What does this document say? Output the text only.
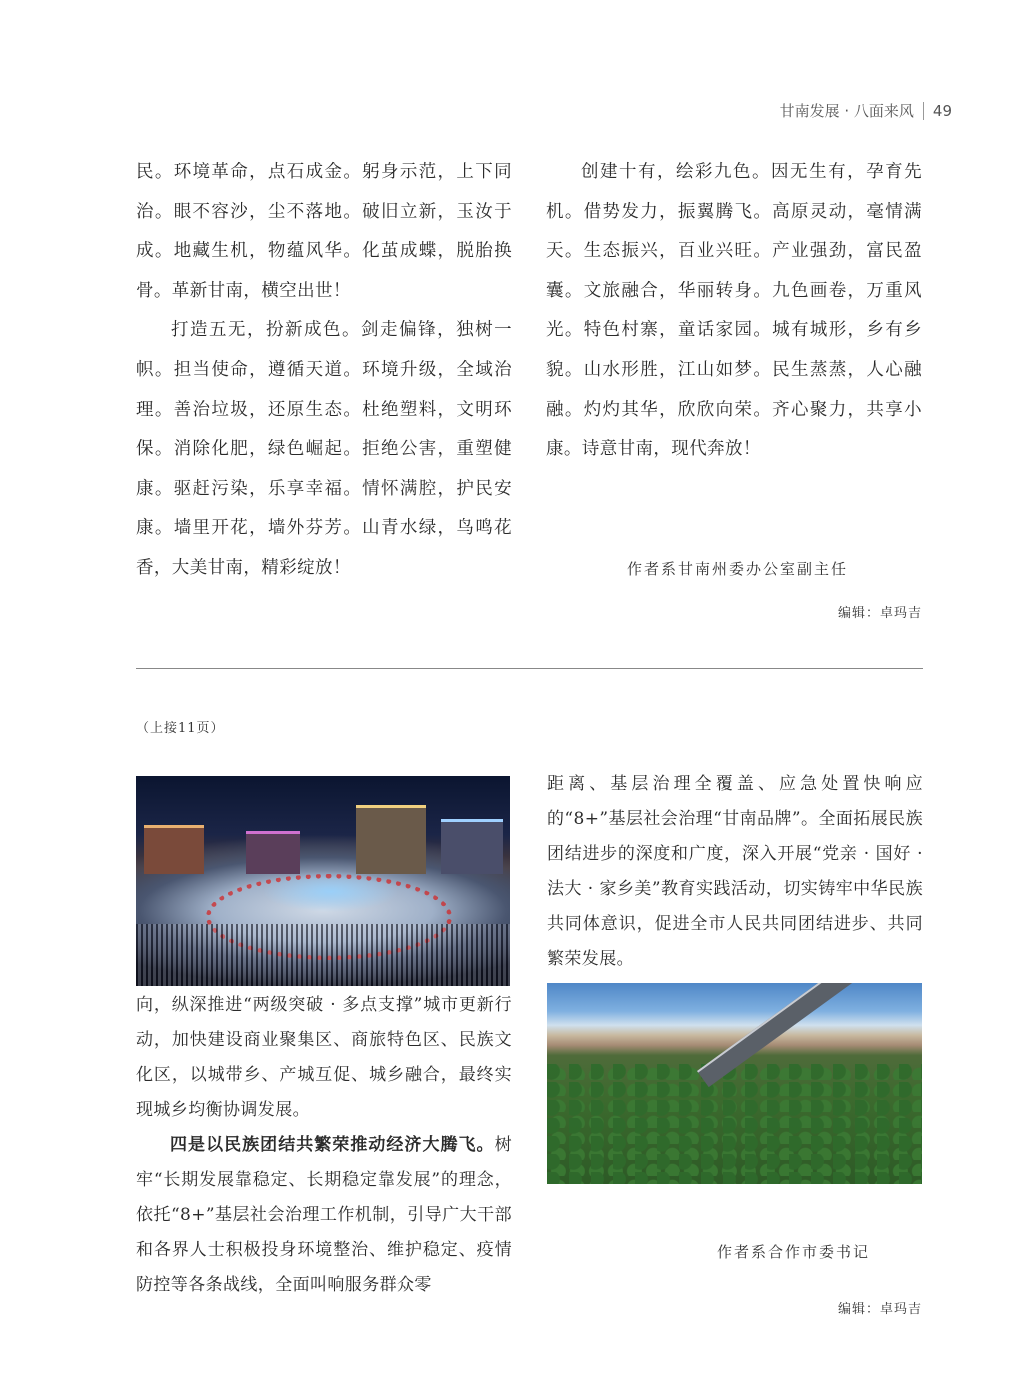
甘南发展 · 八面来风 49

民。环境革命，点石成金。躬身示范，上下同治。眼不容沙，尘不落地。破旧立新，玉汝于成。地藏生机，物蕴风华。化茧成蝶，脱胎换骨。革新甘南，横空出世！

打造五无，扮新成色。剑走偏锋，独树一帜。担当使命，遵循天道。环境升级，全域治理。善治垃圾，还原生态。杜绝塑料，文明环保。消除化肥，绿色崛起。拒绝公害，重塑健康。驱赶污染，乐享幸福。情怀满腔，护民安康。墙里开花，墙外芬芳。山青水绿，鸟鸣花香，大美甘南，精彩绽放！

创建十有，绘彩九色。因无生有，孕育先机。借势发力，振翼腾飞。高原灵动，毫情满天。生态振兴，百业兴旺。产业强劲，富民盈囊。文旅融合，华丽转身。九色画卷，万重风光。特色村寨，童话家园。城有城形，乡有乡貌。山水形胜，江山如梦。民生蒸蒸，人心融融。灼灼其华，欣欣向荣。齐心聚力，共享小康。诗意甘南，现代奔放！

作者系甘南州委办公室副主任
编辑：卓玛吉
（上接11页）

向，纵深推进“两级突破 · 多点支撑”城市更新行动，加快建设商业聚集区、商旅特色区、民族文化区，以城带乡、产城互促、城乡融合，最终实现城乡均衡协调发展。

四是以民族团结共繁荣推动经济大腾飞。树牢“长期发展靠稳定、长期稳定靠发展”的理念，依托“8+”基层社会治理工作机制，引导广大干部和各界人士积极投身环境整治、维护稳定、疫情防控等各条战线，全面叫响服务群众零

距离、基层治理全覆盖、应急处置快响应的“8+”基层社会治理“甘南品牌”。全面拓展民族团结进步的深度和广度，深入开展“党亲 · 国好 · 法大 · 家乡美”教育实践活动，切实铸牢中华民族共同体意识，促进全市人民共同团结进步、共同繁荣发展。

作者系合作市委书记
编辑：卓玛吉
